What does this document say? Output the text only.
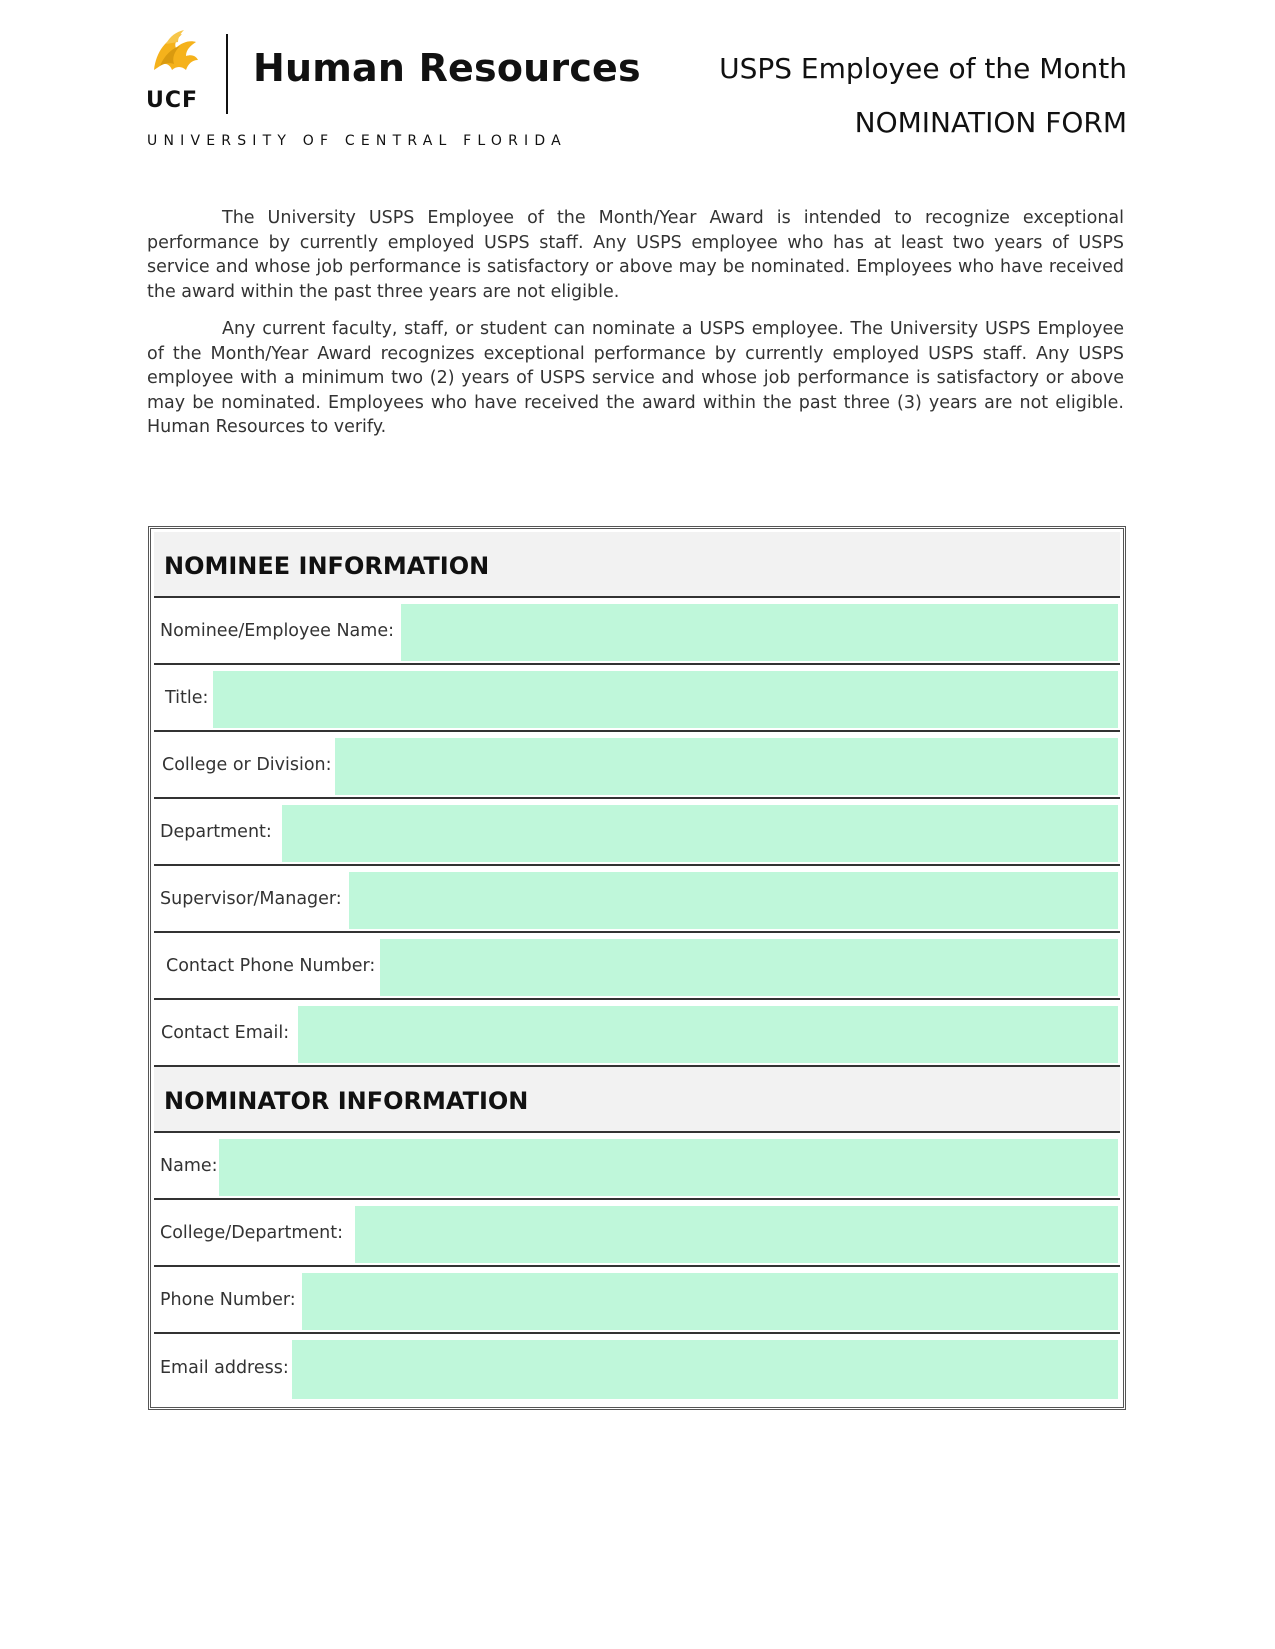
UCF
Human Resources
UNIVERSITY OF CENTRAL FLORIDA
USPS Employee of the Month
NOMINATION FORM

The University USPS Employee of the Month/Year Award is intended to recognize exceptional performance by currently employed USPS staff. Any USPS employee who has at least two years of USPS service and whose job performance is satisfactory or above may be nominated. Employees who have received the award within the past three years are not eligible.

Any current faculty, staff, or student can nominate a USPS employee. The University USPS Employee of the Month/Year Award recognizes exceptional performance by currently employed USPS staff. Any USPS employee with a minimum two (2) years of USPS service and whose job performance is satisfactory or above may be nominated. Employees who have received the award within the past three (3) years are not eligible. Human Resources to verify.

NOMINEE INFORMATION
Nominee/Employee Name:
Title:
College or Division:
Department:
Supervisor/Manager:
Contact Phone Number:
Contact Email:
NOMINATOR INFORMATION
Name:
College/Department:
Phone Number:
Email address:
